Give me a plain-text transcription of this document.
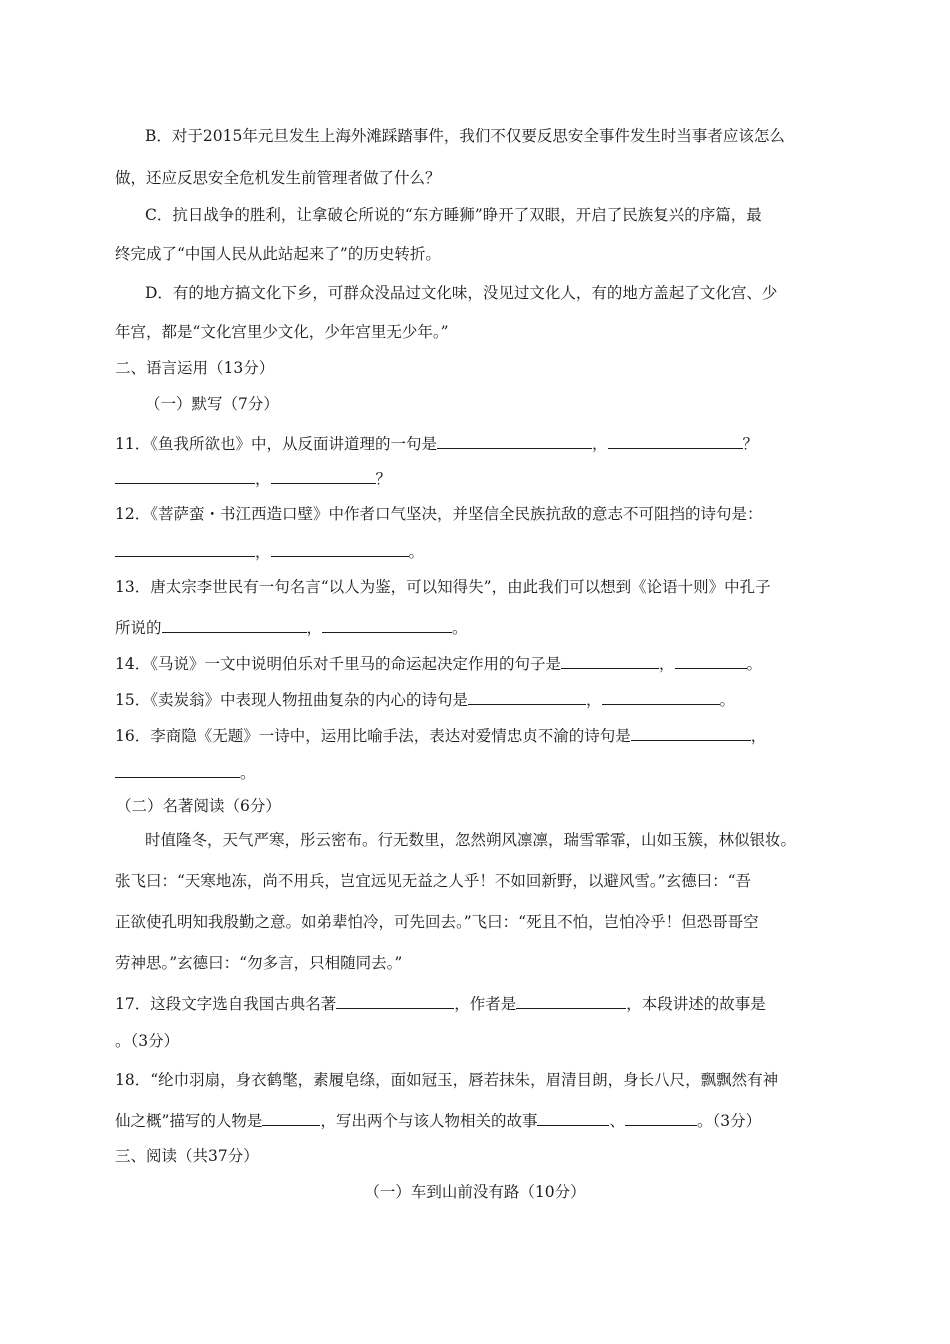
B．对于2015年元旦发生上海外滩踩踏事件，我们不仅要反思安全事件发生时当事者应该怎么
做，还应反思安全危机发生前管理者做了什么？
C．抗日战争的胜利，让拿破仑所说的“东方睡狮”睁开了双眼，开启了民族复兴的序篇，最
终完成了“中国人民从此站起来了”的历史转折。
D．有的地方搞文化下乡，可群众没品过文化味，没见过文化人，有的地方盖起了文化宫、少
年宫，都是“文化宫里少文化，少年宫里无少年。”
二、语言运用（13分）
（一）默写（7分）
11．《鱼我所欲也》中，从反面讲道理的一句是	，	？
，	？
12．《菩萨蛮・书江西造口壁》中作者口气坚决，并坚信全民族抗敌的意志不可阻挡的诗句是：
，	。
13．唐太宗李世民有一句名言“以人为鉴，可以知得失”，由此我们可以想到《论语十则》中孔子
所说的	，	。
14．《马说》一文中说明伯乐对千里马的命运起决定作用的句子是	，	。
15．《卖炭翁》中表现人物扭曲复杂的内心的诗句是	，	。
16．李商隐《无题》一诗中，运用比喻手法，表达对爱情忠贞不渝的诗句是	，
。
（二）名著阅读（6分）
时值隆冬，天气严寒，彤云密布。行无数里，忽然朔风凛凛，瑞雪霏霏，山如玉簇，林似银妆。
张飞曰：“天寒地冻，尚不用兵，岂宜远见无益之人乎！不如回新野，以避风雪。”玄德曰：“吾
正欲使孔明知我殷勤之意。如弟辈怕冷，可先回去。”飞曰：“死且不怕，岂怕冷乎！但恐哥哥空
劳神思。”玄德曰：“勿多言，只相随同去。”
17．这段文字选自我国古典名著	，作者是	，本段讲述的故事是
。（3分）
18．“纶巾羽扇，身衣鹤氅，素履皂绦，面如冠玉，唇若抹朱，眉清目朗，身长八尺，飘飘然有神
仙之概”描写的人物是	，写出两个与该人物相关的故事	、	。（3分）
三、阅读（共37分）
（一）车到山前没有路（10分）
